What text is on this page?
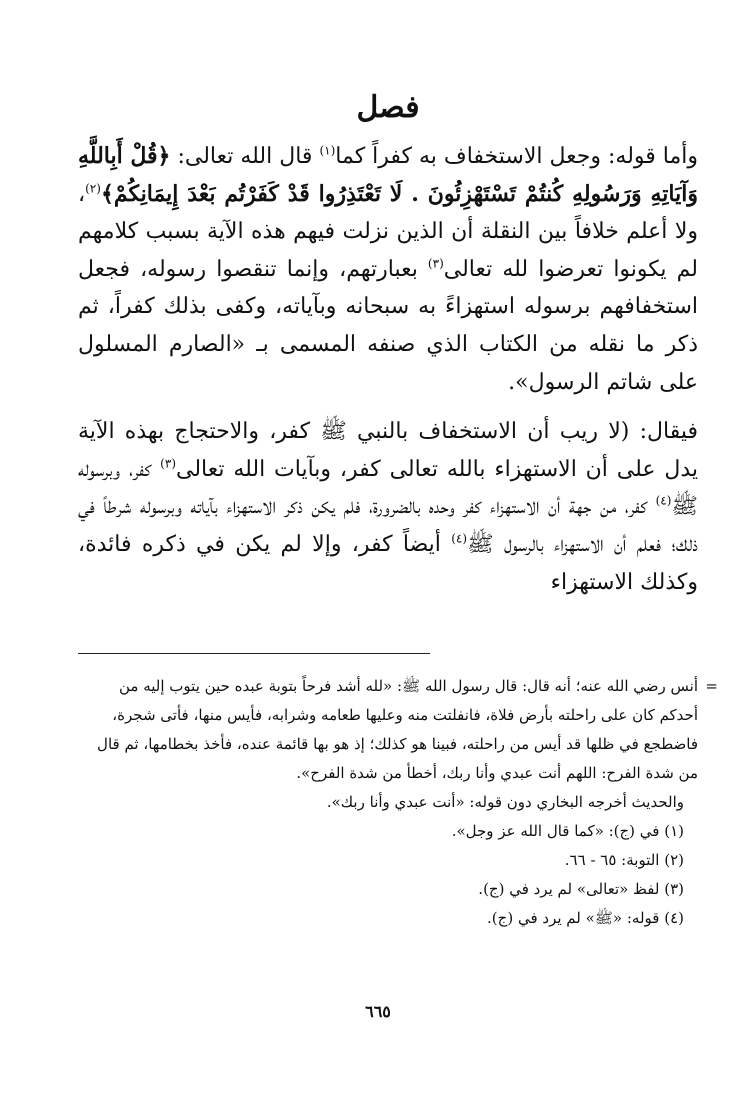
فصل

وأما قوله: وجعل الاستخفاف به كفراً كما$^{(١)}$ قال الله تعالى: ﴿قُلْ أَبِاللَّهِ وَآيَاتِهِ وَرَسُولِهِ كُنتُمْ تَسْتَهْزِئُونَ . لَا تَعْتَذِرُوا قَدْ كَفَرْتُم بَعْدَ إِيمَانِكُمْ﴾$^{(٢)}$، ولا أعلم خلافاً بين النقلة أن الذين نزلت فيهم هذه الآية بسبب كلامهم لم يكونوا تعرضوا لله تعالى$^{(٣)}$ بعبارتهم، وإنما تنقصوا رسوله، فجعل استخفافهم برسوله استهزاءً به سبحانه وبآياته، وكفى بذلك كفراً، ثم ذكر ما نقله من الكتاب الذي صنفه المسمى بـ «الصارم المسلول على شاتم الرسول».

فيقال: (لا ريب أن الاستخفاف بالنبي ﷺ كفر، والاحتجاج بهذه الآية يدل على أن الاستهزاء بالله تعالى كفر، وبآيات الله تعالى$^{(٣)}$ كفر، وبرسوله ﷺ$^{(٤)}$ كفر، من جهة أن الاستهزاء كفر وحده بالضرورة، فلم يكن ذكر الاستهزاء بآياته وبرسوله شرطاً في ذلك؛ فعلم أن الاستهزاء بالرسول ﷺ$^{(٤)}$ أيضاً كفر، وإلا لم يكن في ذكره فائدة، وكذلك الاستهزاء

=

أنس رضي الله عنه؛ أنه قال: قال رسول الله ﷺ: «لله أشد فرحاً بتوبة عبده حين يتوب إليه من أحدكم كان على راحلته بأرض فلاة، فانفلتت منه وعليها طعامه وشرابه، فأيس منها، فأتى شجرة، فاضطجع في ظلها قد أيس من راحلته، فبينا هو كذلك؛ إذ هو بها قائمة عنده، فأخذ بخطامها، ثم قال من شدة الفرح: اللهم أنت عبدي وأنا ربك، أخطأ من شدة الفرح».

والحديث أخرجه البخاري دون قوله: «أنت عبدي وأنا ربك».

(١) في (ج): «كما قال الله عز وجل».

(٢) التوبة: ٦٥ - ٦٦.

(٣) لفظ «تعالى» لم يرد في (ج).

(٤) قوله: «ﷺ» لم يرد في (ج).

٦٦٥
